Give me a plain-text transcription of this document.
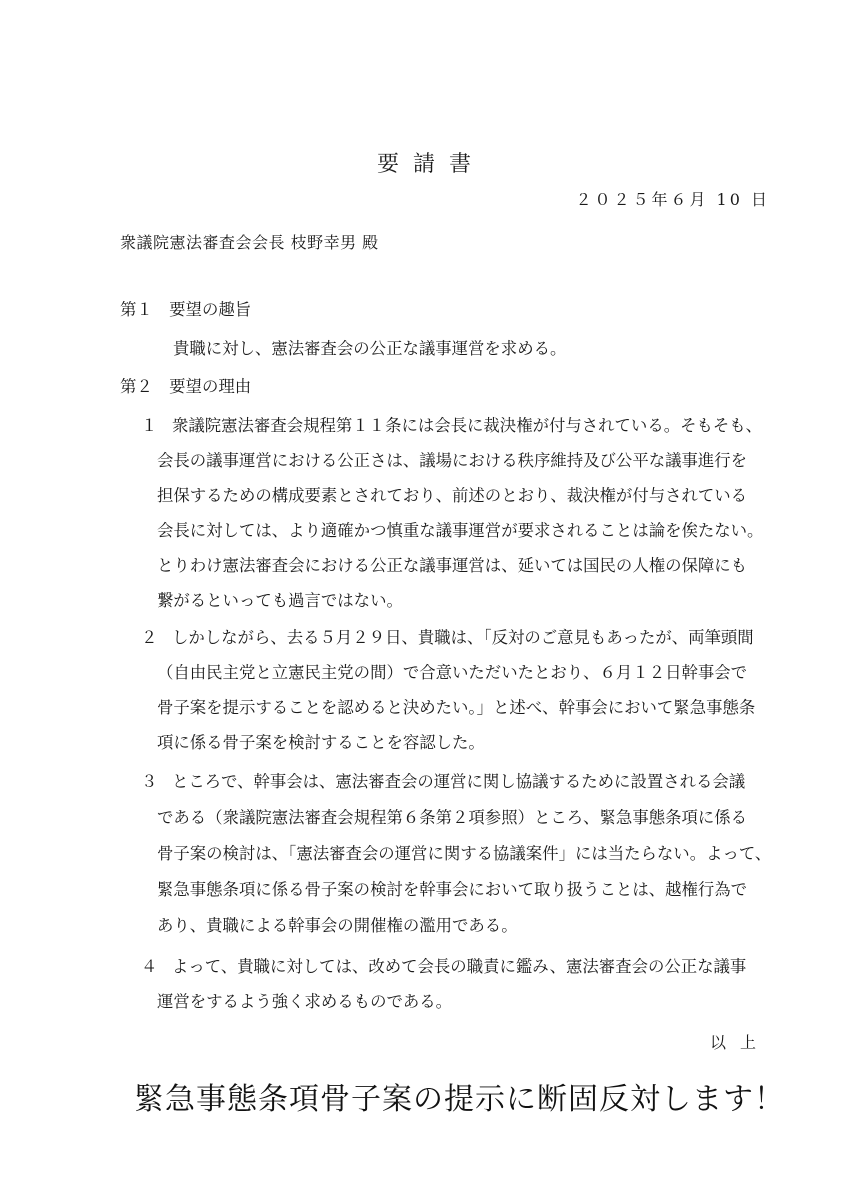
要請書
２０２５年６月 10 日
衆議院憲法審査会会長 枝野幸男 殿
第１　要望の趣旨
貴職に対し、憲法審査会の公正な議事運営を求める。
第２　要望の理由
１ 衆議院憲法審査会規程第１１条には会長に裁決権が付与されている。そもそも、
会長の議事運営における公正さは、議場における秩序維持及び公平な議事進行を
担保するための構成要素とされており、前述のとおり、裁決権が付与されている
会長に対しては、より適確かつ慎重な議事運営が要求されることは論を俟たない。
とりわけ憲法審査会における公正な議事運営は、延いては国民の人権の保障にも
繋がるといっても過言ではない。
２ しかしながら、去る５月２９日、貴職は、「反対のご意見もあったが、両筆頭間
（自由民主党と立憲民主党の間）で合意いただいたとおり、６月１２日幹事会で
骨子案を提示することを認めると決めたい。」と述べ、幹事会において緊急事態条
項に係る骨子案を検討することを容認した。
３ ところで、幹事会は、憲法審査会の運営に関し協議するために設置される会議
である（衆議院憲法審査会規程第６条第２項参照）ところ、緊急事態条項に係る
骨子案の検討は、「憲法審査会の運営に関する協議案件」には当たらない。よって、
緊急事態条項に係る骨子案の検討を幹事会において取り扱うことは、越権行為で
あり、貴職による幹事会の開催権の濫用である。
４ よって、貴職に対しては、改めて会長の職責に鑑み、憲法審査会の公正な議事
運営をするよう強く求めるものである。
以上
緊急事態条項骨子案の提示に断固反対します！
